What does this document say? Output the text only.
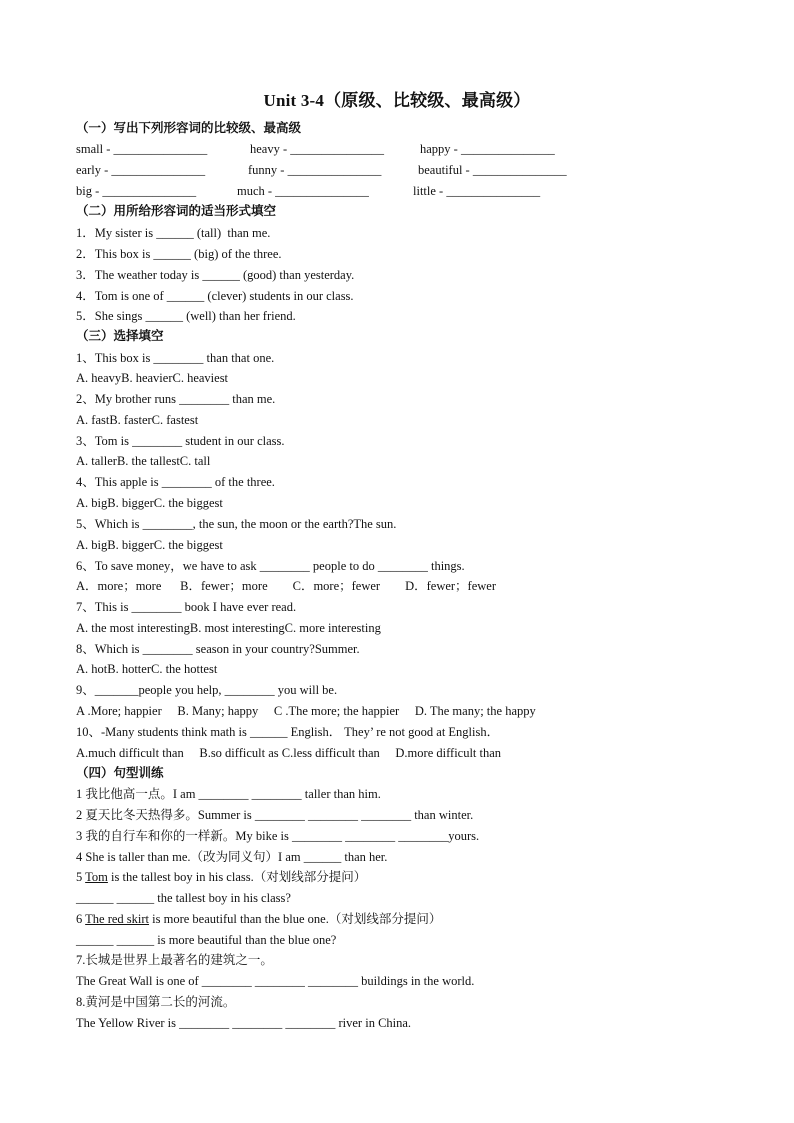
Unit 3-4（原级、比较级、最高级）
（一）写出下列形容词的比较级、最高级
small - _______________	heavy - _______________	happy - _______________
early - _______________	funny - _______________	beautiful - _______________
big - _______________	much - _______________	little - _______________
（二）用所给形容词的适当形式填空
1．My sister is ______ (tall)  than me.
2．This box is ______ (big) of the three.
3．The weather today is ______ (good) than yesterday.
4．Tom is one of ______ (clever) students in our class.
5．She sings ______ (well) than her friend.
（三）选择填空
1、This box is ________ than that one.
A. heavyB. heavierC. heaviest
2、My brother runs ________ than me.
A. fastB. fasterC. fastest
3、Tom is ________ student in our class.
A. tallerB. the tallestC. tall
4、This apple is ________ of the three.
A. bigB. biggerC. the biggest
5、Which is ________, the sun, the moon or the earth?The sun.
A. bigB. biggerC. the biggest
6、To save money，we have to ask ________ people to do ________ things.
A．more；more      B．fewer；more        C．more；fewer        D．fewer；fewer
7、This is ________ book I have ever read.
A. the most interestingB. most interestingC. more interesting
8、Which is ________ season in your country?Summer.
A. hotB. hotterC. the hottest
9、_______people you help, ________ you will be.
A .More; happier     B. Many; happy     C .The more; the happier     D. The many; the happy
10、-Many students think math is ______ English． They’ re not good at English．
A.much difficult than     B.so difficult as C.less difficult than     D.more difficult than
（四）句型训练
1 我比他高一点。I am ________ ________ taller than him.
2 夏天比冬天热得多。Summer is ________ ________ ________ than winter.
3 我的自行车和你的一样新。My bike is ________ ________ ________yours.
4 She is taller than me.（改为同义句）I am ______ than her.
5 Tom is the tallest boy in his class.（对划线部分提问）
______ ______ the tallest boy in his class?
6 The red skirt is more beautiful than the blue one.（对划线部分提问）
______ ______ is more beautiful than the blue one?
7.长城是世界上最著名的建筑之一。
The Great Wall is one of ________ ________ ________ buildings in the world.
8.黄河是中国第二长的河流。
The Yellow River is ________ ________ ________ river in China.
